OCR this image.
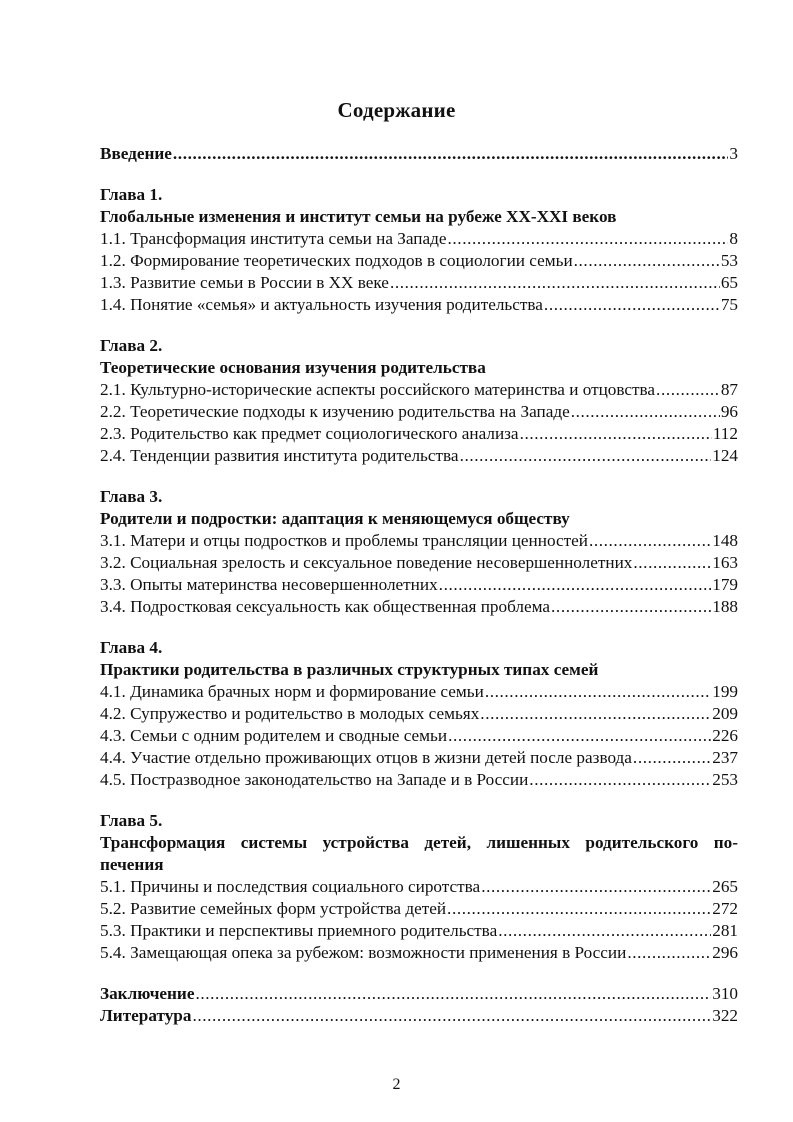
Содержание
Введение .....	3
Глава 1.
Глобальные изменения и институт семьи на рубеже XX-XXI веков
1.1. Трансформация института семьи на Западе .....	8
1.2. Формирование теоретических подходов в социологии семьи .....	53
1.3. Развитие семьи в России в XX веке .....	65
1.4. Понятие «семья» и актуальность изучения родительства .....	75
Глава 2.
Теоретические основания изучения родительства
2.1. Культурно-исторические аспекты российского материнства и отцовства .....	87
2.2. Теоретические подходы к изучению родительства на Западе .....	96
2.3. Родительство как предмет социологического анализа .....	112
2.4. Тенденции развития института родительства .....	124
Глава 3.
Родители и подростки: адаптация к меняющемуся обществу
3.1. Матери и отцы подростков и проблемы трансляции ценностей .....	148
3.2. Социальная зрелость и сексуальное поведение несовершеннолетних .....	163
3.3. Опыты материнства несовершеннолетних .....	179
3.4. Подростковая сексуальность как общественная проблема .....	188
Глава 4.
Практики родительства в различных структурных типах семей
4.1. Динамика брачных норм и формирование семьи .....	199
4.2. Супружество и родительство в молодых семьях .....	209
4.3. Семьи с одним родителем и сводные семьи .....	226
4.4. Участие отдельно проживающих отцов в жизни детей после развода .....	237
4.5. Постразводное законодательство на Западе и в России .....	253
Глава 5.
Трансформация системы устройства детей, лишенных родительского по-
печения
5.1. Причины и последствия социального сиротства .....	265
5.2. Развитие семейных форм устройства детей .....	272
5.3. Практики и перспективы приемного родительства .....	281
5.4. Замещающая опека за рубежом: возможности применения в России .....	296
Заключение .....	310
Литература .....	322
2
